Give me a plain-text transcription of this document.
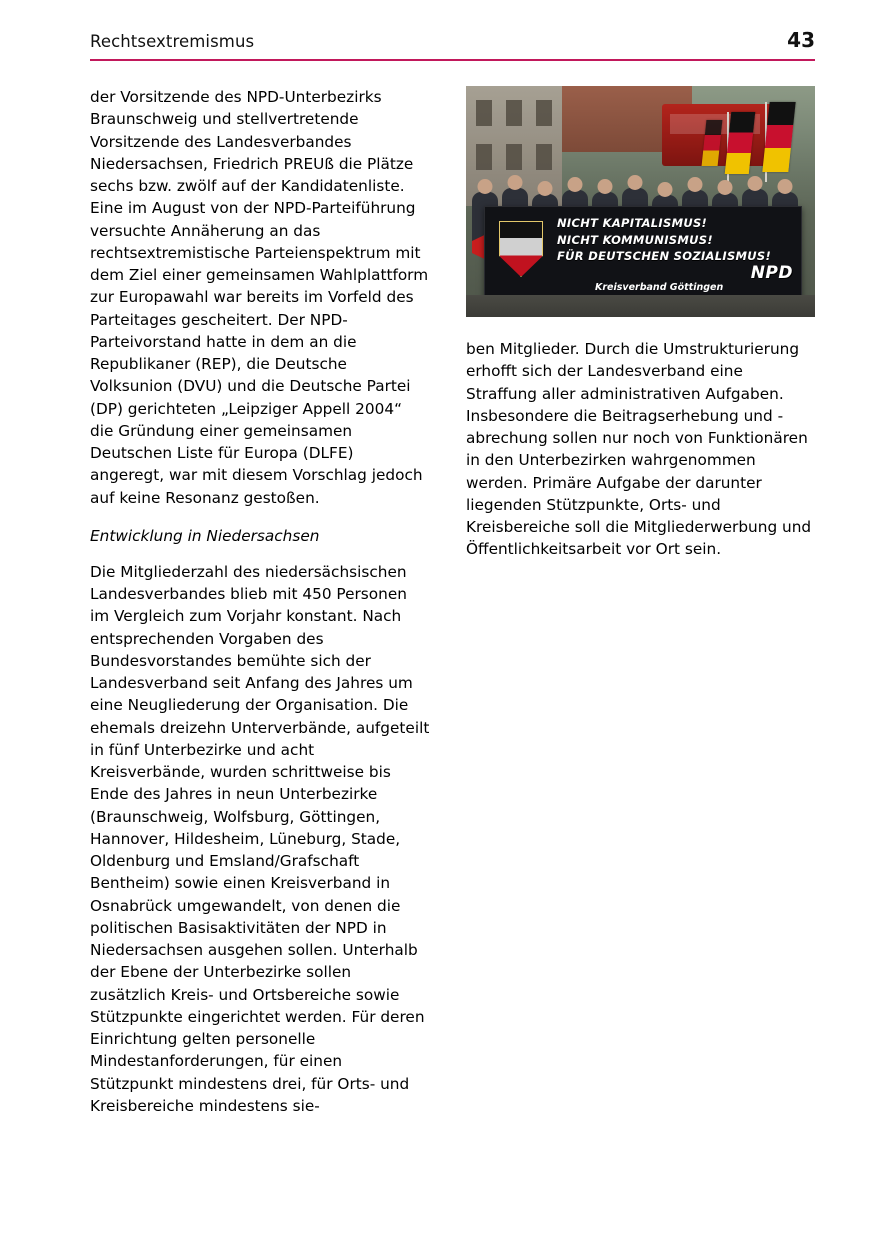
Rechtsextremismus	43

der Vorsitzende des NPD-Unterbezirks Braunschweig und stellvertretende Vorsitzende des Landesverbandes Niedersachsen, Friedrich PREUß die Plätze sechs bzw. zwölf auf der Kandidatenliste. Eine im August von der NPD-Parteiführung versuchte Annäherung an das rechtsextremistische Parteienspektrum mit dem Ziel einer gemeinsamen Wahlplattform zur Europawahl war bereits im Vorfeld des Parteitages gescheitert. Der NPD-Parteivorstand hatte in dem an die Republikaner (REP), die Deutsche Volksunion (DVU) und die Deutsche Partei (DP) gerichteten „Leipziger Appell 2004“ die Gründung einer gemeinsamen Deutschen Liste für Europa (DLFE) angeregt, war mit diesem Vorschlag jedoch auf keine Resonanz gestoßen.

Entwicklung in Niedersachsen

Die Mitgliederzahl des niedersächsischen Landesverbandes blieb mit 450 Personen im Vergleich zum Vorjahr konstant. Nach entsprechenden Vorgaben des Bundesvorstandes bemühte sich der Landesverband seit Anfang des Jahres um eine Neugliederung der Organisation. Die ehemals dreizehn Unterverbände, aufgeteilt in fünf Unterbezirke und acht Kreisverbände, wurden schrittweise bis Ende des Jahres in neun Unterbezirke (Braunschweig, Wolfsburg, Göttingen, Hannover, Hildesheim, Lüneburg, Stade, Oldenburg und Emsland/Grafschaft Bentheim) sowie einen Kreisverband in Osnabrück umgewandelt, von denen die politischen Basisaktivitäten der NPD in Niedersachsen ausgehen sollen. Unterhalb der Ebene der Unterbezirke sollen zusätzlich Kreis- und Ortsbereiche sowie Stützpunkte eingerichtet werden. Für deren Einrichtung gelten personelle Mindestanforderungen, für einen Stützpunkt mindestens drei, für Orts- und Kreisbereiche mindestens sie-

NICHT KAPITALISMUS!
NICHT KOMMUNISMUS!
FÜR DEUTSCHEN SOZIALISMUS!
Kreisverband Göttingen
NPD

ben Mitglieder. Durch die Umstrukturierung erhofft sich der Landesverband eine Straffung aller administrativen Aufgaben. Insbesondere die Beitragserhebung und -abrechung sollen nur noch von Funktionären in den Unterbezirken wahrgenommen werden. Primäre Aufgabe der darunter liegenden Stützpunkte, Orts- und Kreisbereiche soll die Mitgliederwerbung und Öffentlichkeitsarbeit vor Ort sein.
